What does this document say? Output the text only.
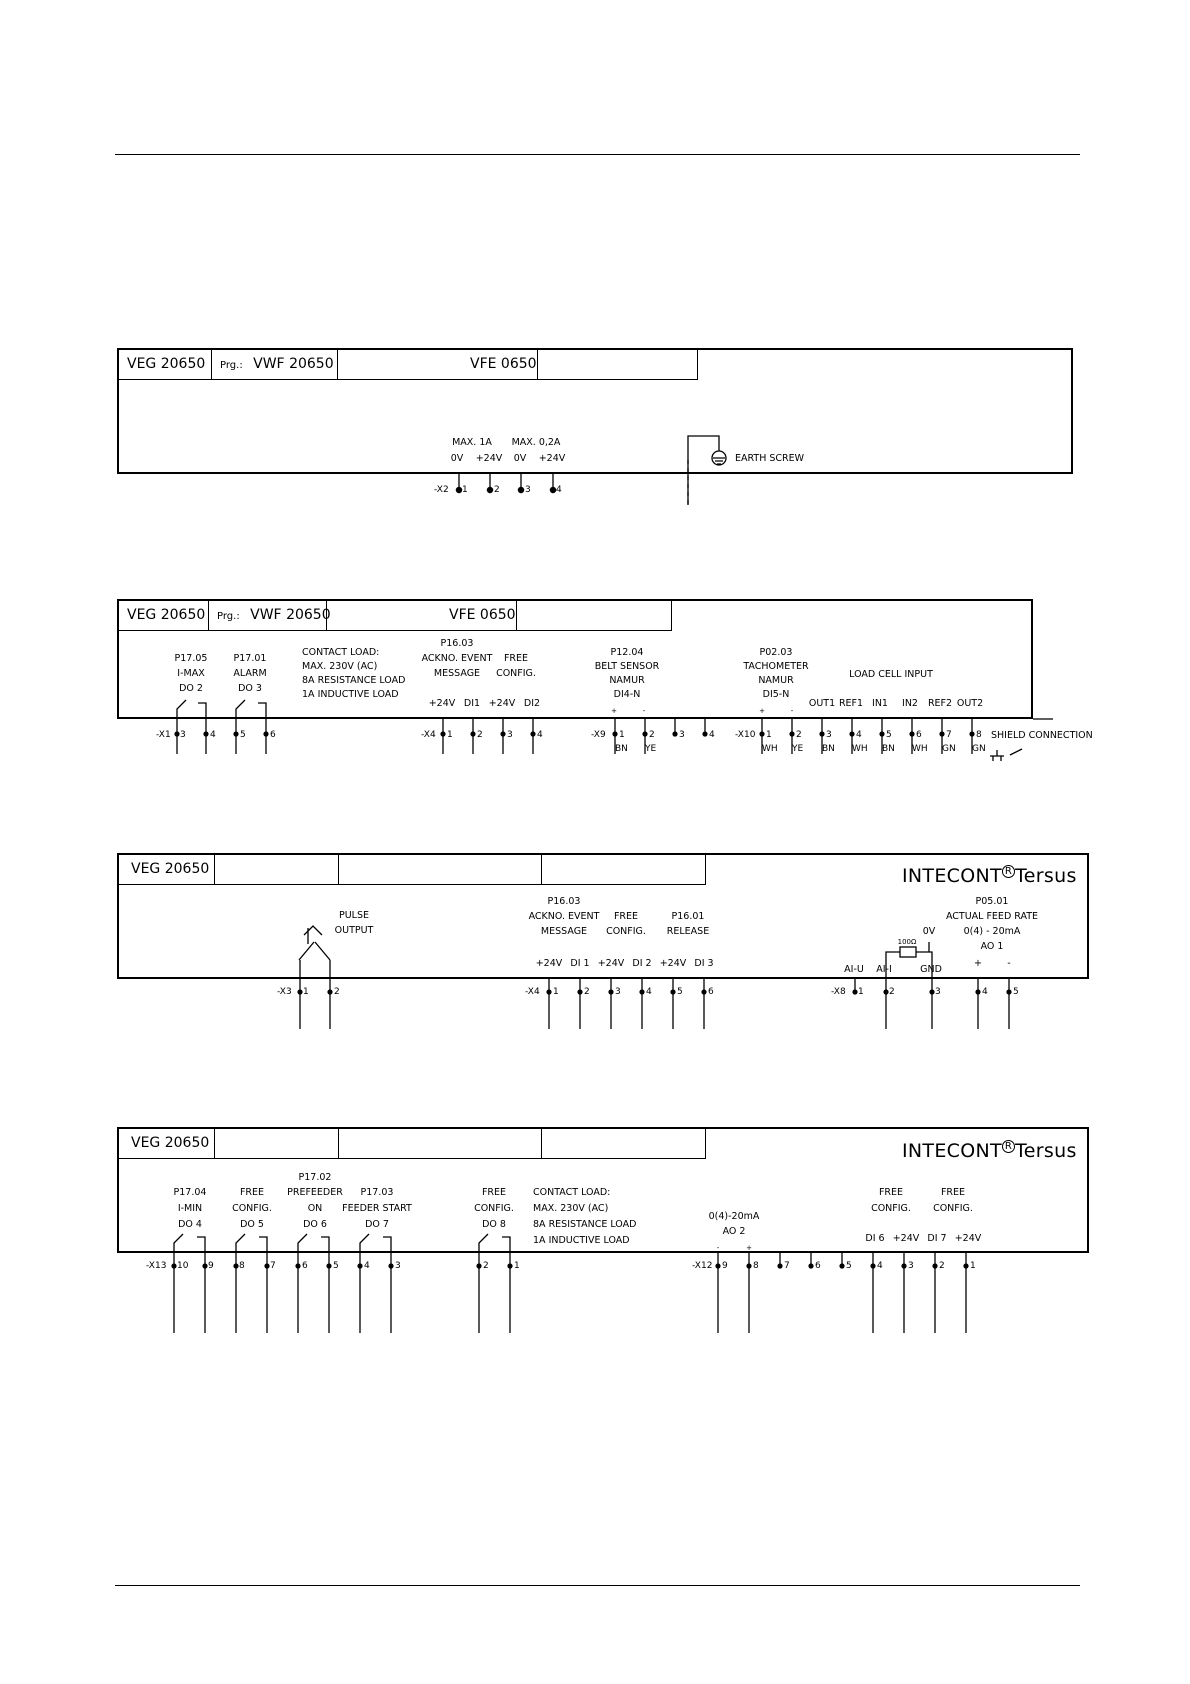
VEG 20650	Prg.: VWF 20650	VFE 0650
MAX. 1A MAX. 0,2A
0V +24V 0V +24V	EARTH SCREW
-X2 1	2	3	4
VEG 20650	Prg.: VWF 20650	VFE 0650
P17.05
I-MAX
DO 2
P17.01
ALARM
DO 3
CONTACT LOAD:
MAX. 230V (AC)
8A RESISTANCE LOAD
1A INDUCTIVE LOAD
P16.03
ACKNO. EVENT
MESSAGE
FREE
CONFIG.
+24V DI1 +24V DI2
P12.04
BELT SENSOR
NAMUR
DI4-N
+	-
P02.03
TACHOMETER
NAMUR
DI5-N
+	-
LOAD CELL INPUT
OUT1 REF1 IN1 IN2 REF2 OUT2
SHIELD CONNECTION
-X1 3	4	5	6	-X4 1	2	3	4	-X9 1	2	3	4
BN YE
-X10 1	2	3	4	5	6	7	8
WH YE BN WH BN WH GN GN
VEG 20650	INTECONT $^R$ Tersus
PULSE
OUTPUT
P16.03
ACKNO. EVENT
MESSAGE
FREE
CONFIG.
P16.01
RELEASE
+24V DI 1 +24V DI 2 +24V DI 3
P05.01
ACTUAL FEED RATE
0V	0(4) - 20mA
AO 1
100Ω
AI-U AI-I	GND
+	-
-X3 1	2	-X4 1	2	3	4	5	6	-X8 1	2	3	4	5
VEG 20650	INTECONT $^R$ Tersus
P17.04
I-MIN
DO 4
FREE
CONFIG.
DO 5
P17.02
PREFEEDER
ON
DO 6
P17.03
FEEDER START
DO 7
FREE
CONFIG.
DO 8
CONTACT LOAD:
MAX. 230V (AC)
8A RESISTANCE LOAD
1A INDUCTIVE LOAD
0(4)-20mA
AO 2
-	+
FREE
CONFIG.
FREE
CONFIG.
DI 6 +24V DI 7 +24V
-X13 10 9	8	7	6	5	4	3	2	1	-X12 9	8	7	6	5	4	3	2	1
